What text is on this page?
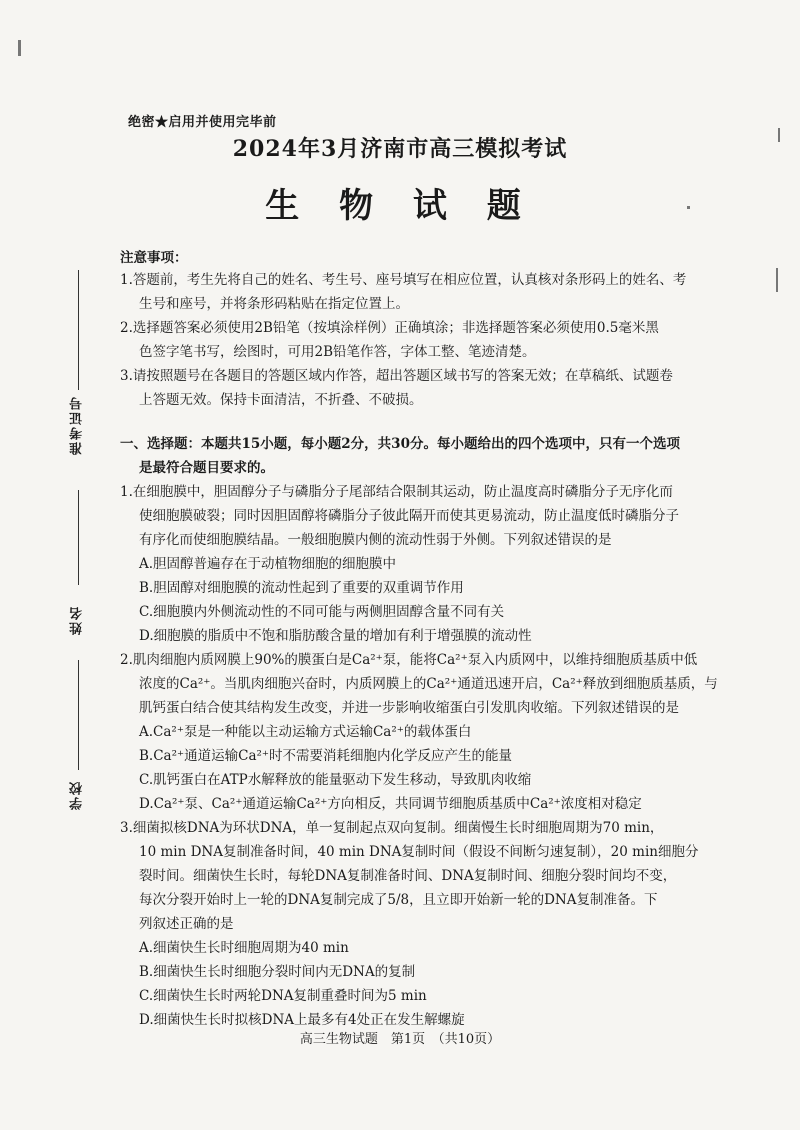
绝密★启用并使用完毕前
2024年3月济南市高三模拟考试
生 物 试 题
注意事项：
1.答题前，考生先将自己的姓名、考生号、座号填写在相应位置，认真核对条形码上的姓名、考
生号和座号，并将条形码粘贴在指定位置上。
2.选择题答案必须使用2B铅笔（按填涂样例）正确填涂；非选择题答案必须使用0.5毫米黑
色签字笔书写，绘图时，可用2B铅笔作答，字体工整、笔迹清楚。
3.请按照题号在各题目的答题区域内作答，超出答题区域书写的答案无效；在草稿纸、试题卷
上答题无效。保持卡面清洁，不折叠、不破损。
一、选择题：本题共15小题，每小题2分，共30分。每小题给出的四个选项中，只有一个选项
是最符合题目要求的。
1.在细胞膜中，胆固醇分子与磷脂分子尾部结合限制其运动，防止温度高时磷脂分子无序化而
使细胞膜破裂；同时因胆固醇将磷脂分子彼此隔开而使其更易流动，防止温度低时磷脂分子
有序化而使细胞膜结晶。一般细胞膜内侧的流动性弱于外侧。下列叙述错误的是
A.胆固醇普遍存在于动植物细胞的细胞膜中
B.胆固醇对细胞膜的流动性起到了重要的双重调节作用
C.细胞膜内外侧流动性的不同可能与两侧胆固醇含量不同有关
D.细胞膜的脂质中不饱和脂肪酸含量的增加有利于增强膜的流动性
2.肌肉细胞内质网膜上90%的膜蛋白是Ca²⁺泵，能将Ca²⁺泵入内质网中，以维持细胞质基质中低
浓度的Ca²⁺。当肌肉细胞兴奋时，内质网膜上的Ca²⁺通道迅速开启，Ca²⁺释放到细胞质基质，与
肌钙蛋白结合使其结构发生改变，并进一步影响收缩蛋白引发肌肉收缩。下列叙述错误的是
A.Ca²⁺泵是一种能以主动运输方式运输Ca²⁺的载体蛋白
B.Ca²⁺通道运输Ca²⁺时不需要消耗细胞内化学反应产生的能量
C.肌钙蛋白在ATP水解释放的能量驱动下发生移动，导致肌肉收缩
D.Ca²⁺泵、Ca²⁺通道运输Ca²⁺方向相反，共同调节细胞质基质中Ca²⁺浓度相对稳定
3.细菌拟核DNA为环状DNA，单一复制起点双向复制。细菌慢生长时细胞周期为70 min，
10 min DNA复制准备时间，40 min DNA复制时间（假设不间断匀速复制），20 min细胞分
裂时间。细菌快生长时，每轮DNA复制准备时间、DNA复制时间、细胞分裂时间均不变，
每次分裂开始时上一轮的DNA复制完成了5/8，且立即开始新一轮的DNA复制准备。下
列叙述正确的是
A.细菌快生长时细胞周期为40 min
B.细菌快生长时细胞分裂时间内无DNA的复制
C.细菌快生长时两轮DNA复制重叠时间为5 min
D.细菌快生长时拟核DNA上最多有4处正在发生解螺旋
准考证号
姓名
学校
高三生物试题　第1页　（共10页）
